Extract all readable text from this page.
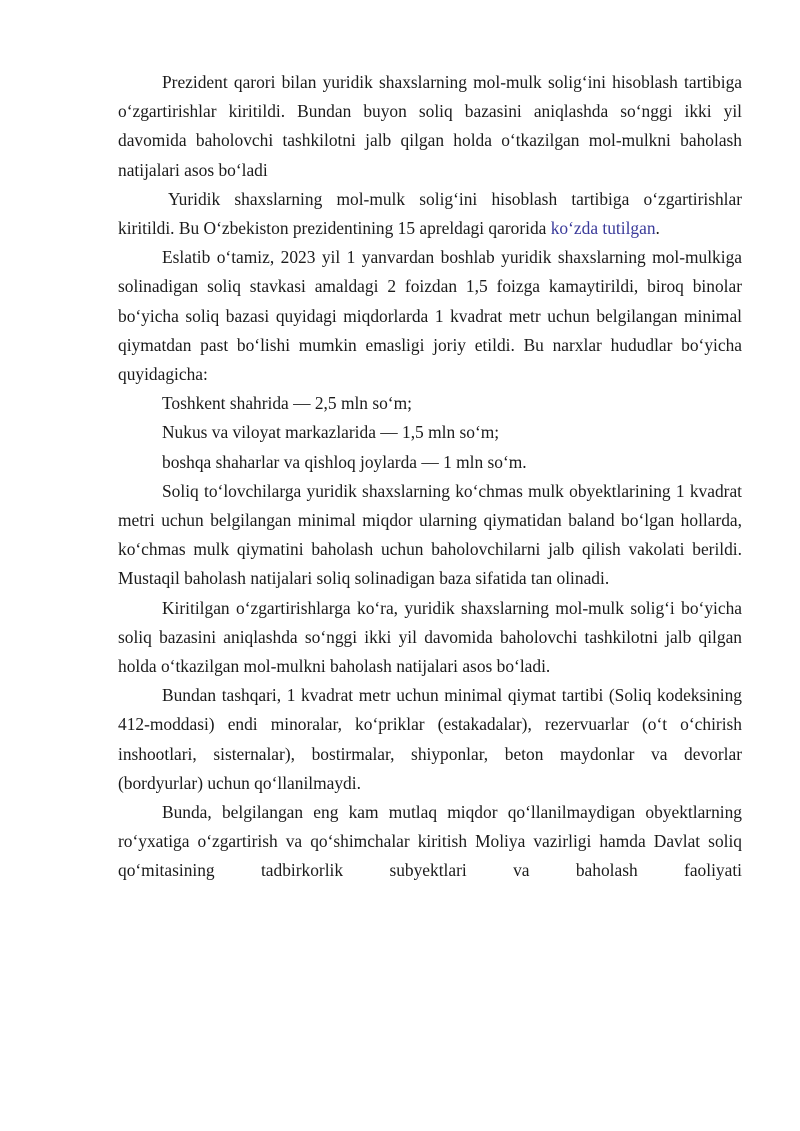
Prezident qarori bilan yuridik shaxslarning mol-mulk solig‘ini hisoblash tartibiga o‘zgartirishlar kiritildi. Bundan buyon soliq bazasini aniqlashda so‘nggi ikki yil davomida baholovchi tashkilotni jalb qilgan holda o‘tkazilgan mol-mulkni baholash natijalari asos bo‘ladi

Yuridik shaxslarning mol-mulk solig‘ini hisoblash tartibiga o‘zgartirishlar kiritildi. Bu O‘zbekiston prezidentining 15 apreldagi qarorida ko‘zda tutilgan.

Eslatib o‘tamiz, 2023 yil 1 yanvardan boshlab yuridik shaxslarning mol-mulkiga solinadigan soliq stavkasi amaldagi 2 foizdan 1,5 foizga kamaytirildi, biroq binolar bo‘yicha soliq bazasi quyidagi miqdorlarda 1 kvadrat metr uchun belgilangan minimal qiymatdan past bo‘lishi mumkin emasligi joriy etildi. Bu narxlar hududlar bo‘yicha quyidagicha:

Toshkent shahrida — 2,5 mln so‘m;

Nukus va viloyat markazlarida — 1,5 mln so‘m;

boshqa shaharlar va qishloq joylarda — 1 mln so‘m.

Soliq to‘lovchilarga yuridik shaxslarning ko‘chmas mulk obyektlarining 1 kvadrat metri uchun belgilangan minimal miqdor ularning qiymatidan baland bo‘lgan hollarda, ko‘chmas mulk qiymatini baholash uchun baholovchilarni jalb qilish vakolati berildi. Mustaqil baholash natijalari soliq solinadigan baza sifatida tan olinadi.

Kiritilgan o‘zgartirishlarga ko‘ra, yuridik shaxslarning mol-mulk solig‘i bo‘yicha soliq bazasini aniqlashda so‘nggi ikki yil davomida baholovchi tashkilotni jalb qilgan holda o‘tkazilgan mol-mulkni baholash natijalari asos bo‘ladi.

Bundan tashqari, 1 kvadrat metr uchun minimal qiymat tartibi (Soliq kodeksining 412-moddasi) endi minoralar, ko‘priklar (estakadalar), rezervuarlar (o‘t o‘chirish inshootlari, sisternalar), bostirmalar, shiyponlar, beton maydonlar va devorlar (bordyurlar) uchun qo‘llanilmaydi.

Bunda, belgilangan eng kam mutlaq miqdor qo‘llanilmaydigan obyektlarning ro‘yxatiga o‘zgartirish va qo‘shimchalar kiritish Moliya vazirligi hamda Davlat soliq qo‘mitasining tadbirkorlik subyektlari va baholash faoliyati
